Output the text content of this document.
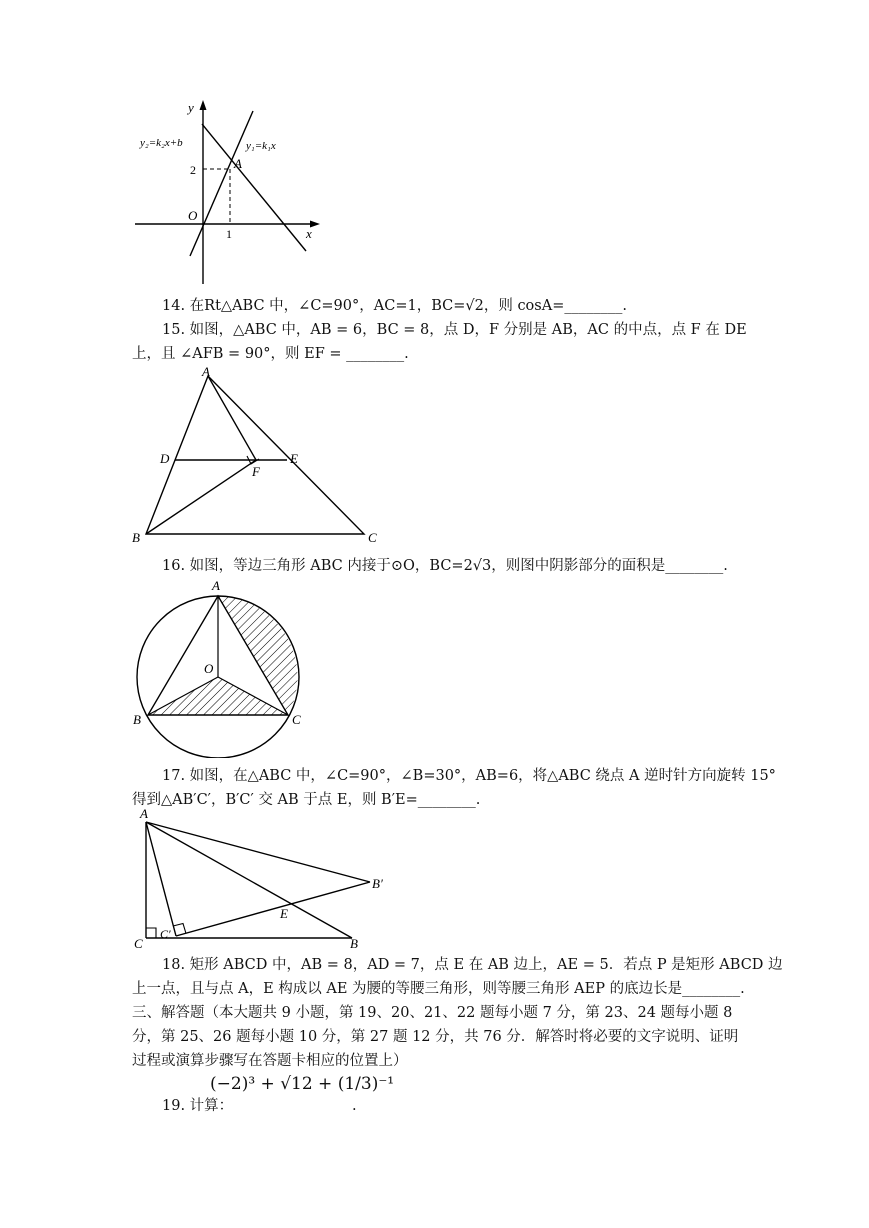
y
x
O
y₂=k₂x+b	y₁=k₁x
A
2
1
14. 在Rt△ABC 中，∠C=90°，AC=1，BC=√2，则 cosA=________.
15. 如图，△ABC 中，AB = 6，BC = 8，点 D，F 分别是 AB，AC 的中点，点 F 在 DE
上，且 ∠AFB = 90°，则 EF = ________.
A
B	C
D	E
F
16. 如图，等边三角形 ABC 内接于⊙O，BC=2√3，则图中阴影部分的面积是________.
A
B	C
O
17. 如图，在△ABC 中，∠C=90°，∠B=30°，AB=6，将△ABC 绕点 A 逆时针方向旋转 15°
得到△AB′C′，B′C′ 交 AB 于点 E，则 B′E=________.
A
C
C′
B
B′
E
18. 矩形 ABCD 中，AB = 8，AD = 7，点 E 在 AB 边上，AE = 5．若点 P 是矩形 ABCD 边
上一点，且与点 A，E 构成以 AE 为腰的等腰三角形，则等腰三角形 AEP 的底边长是________.
三、解答题（本大题共 9 小题，第 19、20、21、22 题每小题 7 分，第 23、24 题每小题 8
分，第 25、26 题每小题 10 分，第 27 题 12 分，共 76 分．解答时将必要的文字说明、证明
过程或演算步骤写在答题卡相应的位置上）
19. 计算：
(−2)³ + √12 + (1/3)⁻¹
.
